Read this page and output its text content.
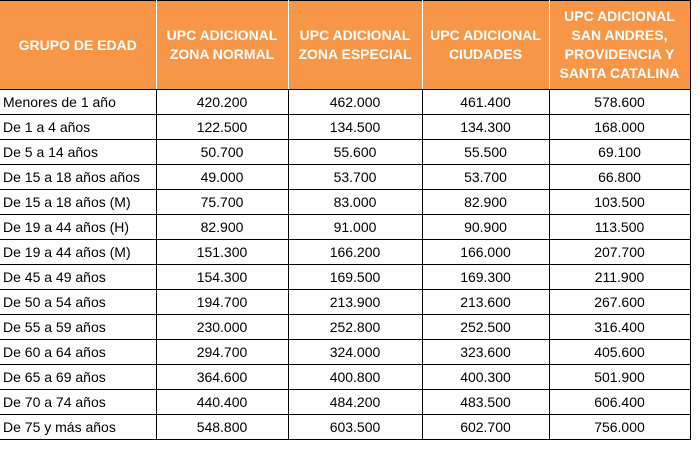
GRUPO DE EDAD	UPC ADICIONAL ZONA NORMAL	UPC ADICIONAL ZONA ESPECIAL	UPC ADICIONAL CIUDADES	UPC ADICIONAL SAN ANDRES, PROVIDENCIA Y SANTA CATALINA
Menores de 1 año	420.200	462.000	461.400	578.600
De 1 a 4 años	122.500	134.500	134.300	168.000
De 5 a 14 años	50.700	55.600	55.500	69.100
De 15 a 18 años años	49.000	53.700	53.700	66.800
De 15 a 18 años (M)	75.700	83.000	82.900	103.500
De 19 a 44 años (H)	82.900	91.000	90.900	113.500
De 19 a 44 años (M)	151.300	166.200	166.000	207.700
De 45 a 49 años	154.300	169.500	169.300	211.900
De 50 a 54 años	194.700	213.900	213.600	267.600
De 55 a 59 años	230.000	252.800	252.500	316.400
De 60 a 64 años	294.700	324.000	323.600	405.600
De 65 a 69 años	364.600	400.800	400.300	501.900
De 70 a 74 años	440.400	484.200	483.500	606.400
De 75 y más años	548.800	603.500	602.700	756.000
